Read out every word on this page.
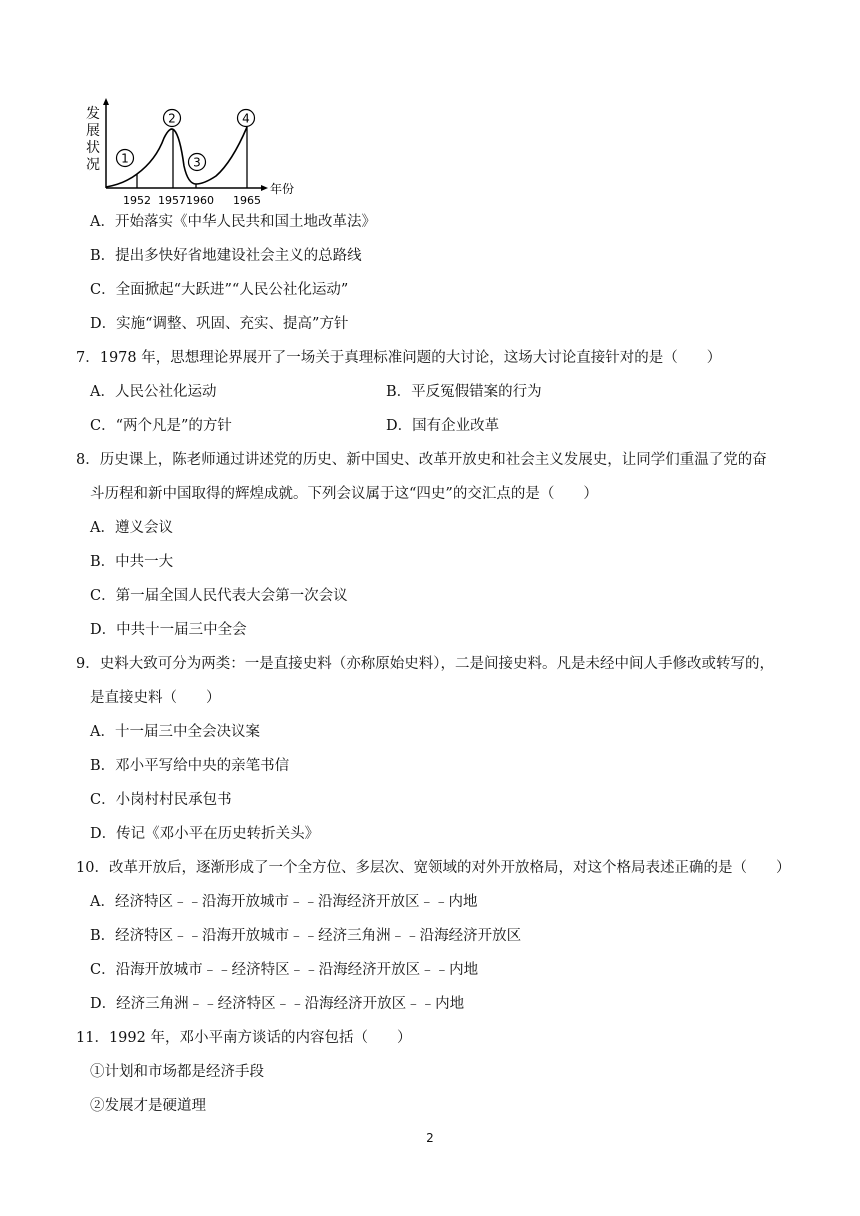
发
展
状
况
年份
1
2
3
4
1952 1957 1960 1965
A．开始落实《中华人民共和国土地改革法》
B．提出多快好省地建设社会主义的总路线
C．全面掀起“大跃进”“人民公社化运动”
D．实施“调整、巩固、充实、提高”方针
7．1978 年，思想理论界展开了一场关于真理标准问题的大讨论，这场大讨论直接针对的是（　　）
A．人民公社化运动	B．平反冤假错案的行为
C．“两个凡是”的方针	D．国有企业改革
8．历史课上，陈老师通过讲述党的历史、新中国史、改革开放史和社会主义发展史，让同学们重温了党的奋
斗历程和新中国取得的辉煌成就。下列会议属于这“四史”的交汇点的是（　　）
A．遵义会议
B．中共一大
C．第一届全国人民代表大会第一次会议
D．中共十一届三中全会
9．史料大致可分为两类：一是直接史料（亦称原始史料），二是间接史料。凡是未经中间人手修改或转写的，
是直接史料（　　）
A．十一届三中全会决议案
B．邓小平写给中央的亲笔书信
C．小岗村村民承包书
D．传记《邓小平在历史转折关头》
10．改革开放后，逐渐形成了一个全方位、多层次、宽领域的对外开放格局，对这个格局表述正确的是（　　）
A．经济特区﹣﹣沿海开放城市﹣﹣沿海经济开放区﹣﹣内地
B．经济特区﹣﹣沿海开放城市﹣﹣经济三角洲﹣﹣沿海经济开放区
C．沿海开放城市﹣﹣经济特区﹣﹣沿海经济开放区﹣﹣内地
D．经济三角洲﹣﹣经济特区﹣﹣沿海经济开放区﹣﹣内地
11．1992 年，邓小平南方谈话的内容包括（　　）
①计划和市场都是经济手段
②发展才是硬道理
2
